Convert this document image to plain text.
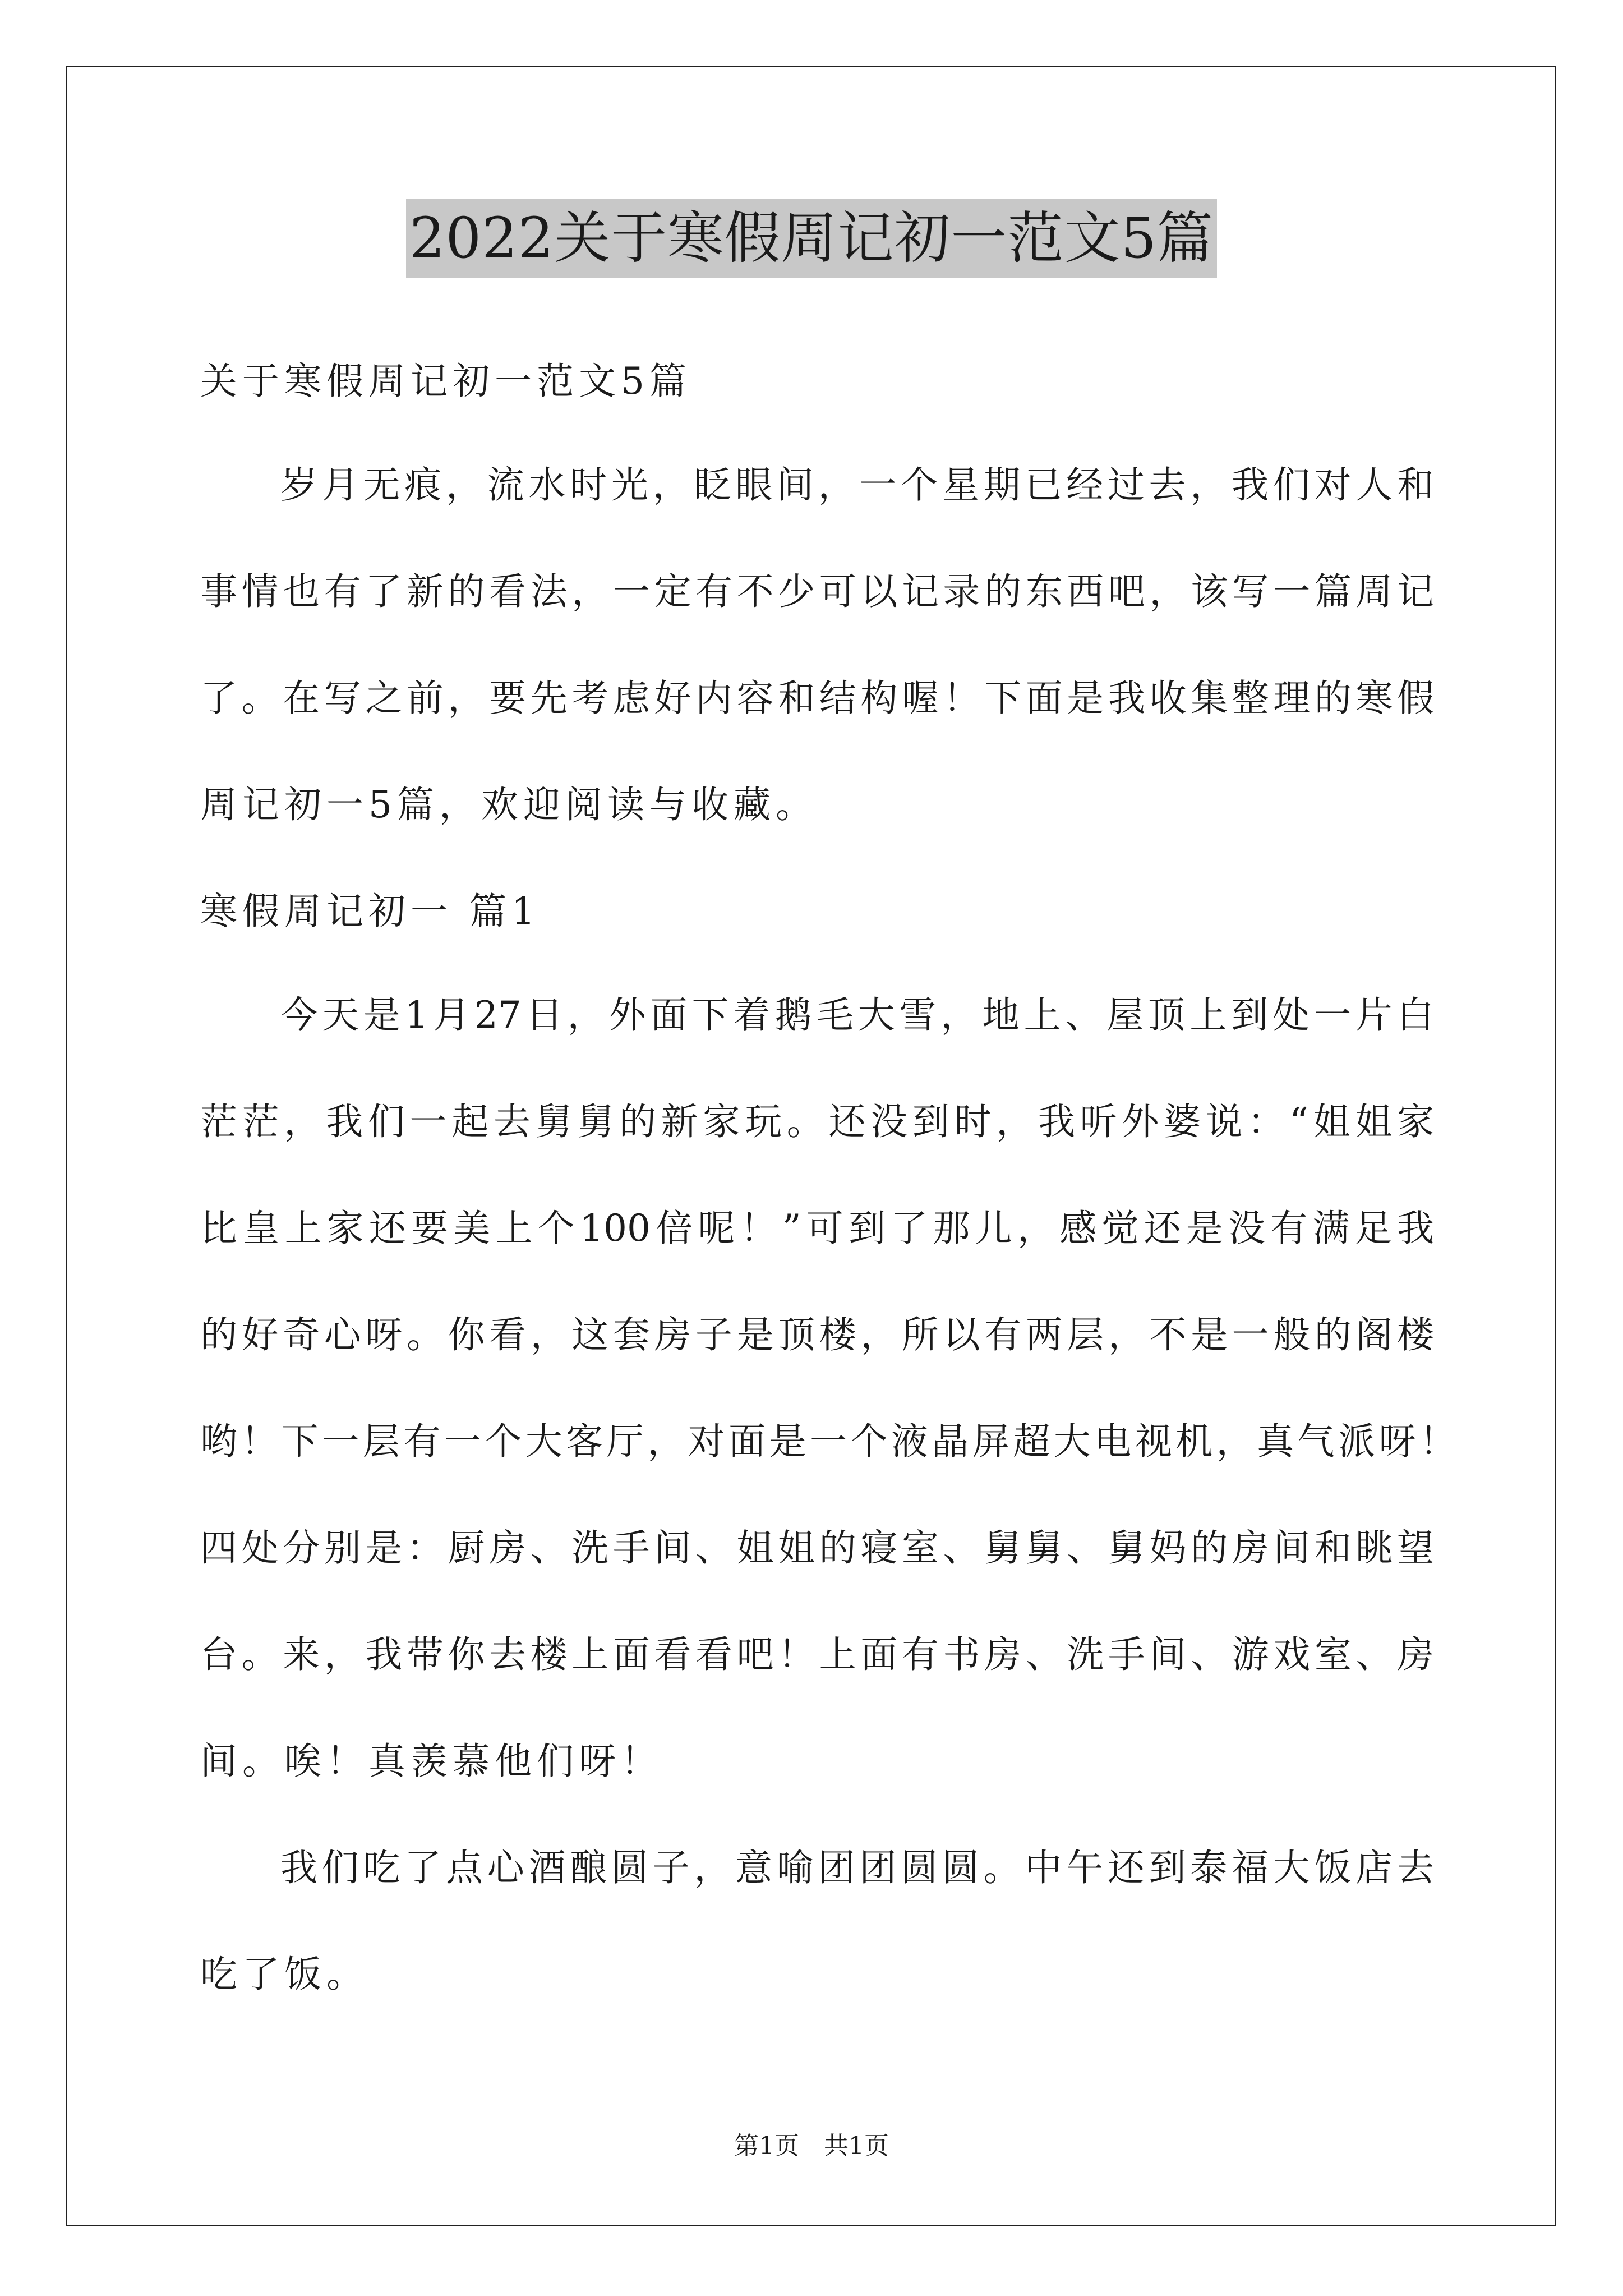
2022关于寒假周记初一范文5篇
关于寒假周记初一范文5篇
岁月无痕，流水时光，眨眼间，一个星期已经过去，我们对人和
事情也有了新的看法，一定有不少可以记录的东西吧，该写一篇周记
了。在写之前，要先考虑好内容和结构喔！下面是我收集整理的寒假
周记初一5篇，欢迎阅读与收藏。
寒假周记初一 篇1
今天是1月27日，外面下着鹅毛大雪，地上、屋顶上到处一片白
茫茫，我们一起去舅舅的新家玩。还没到时，我听外婆说：“姐姐家
比皇上家还要美上个100倍呢！”可到了那儿，感觉还是没有满足我
的好奇心呀。你看，这套房子是顶楼，所以有两层，不是一般的阁楼
哟！下一层有一个大客厅，对面是一个液晶屏超大电视机，真气派呀！
四处分别是：厨房、洗手间、姐姐的寝室、舅舅、舅妈的房间和眺望
台。来，我带你去楼上面看看吧！上面有书房、洗手间、游戏室、房
间。唉！真羡慕他们呀！
我们吃了点心酒酿圆子，意喻团团圆圆。中午还到泰福大饭店去
吃了饭。
第1页　共1页
